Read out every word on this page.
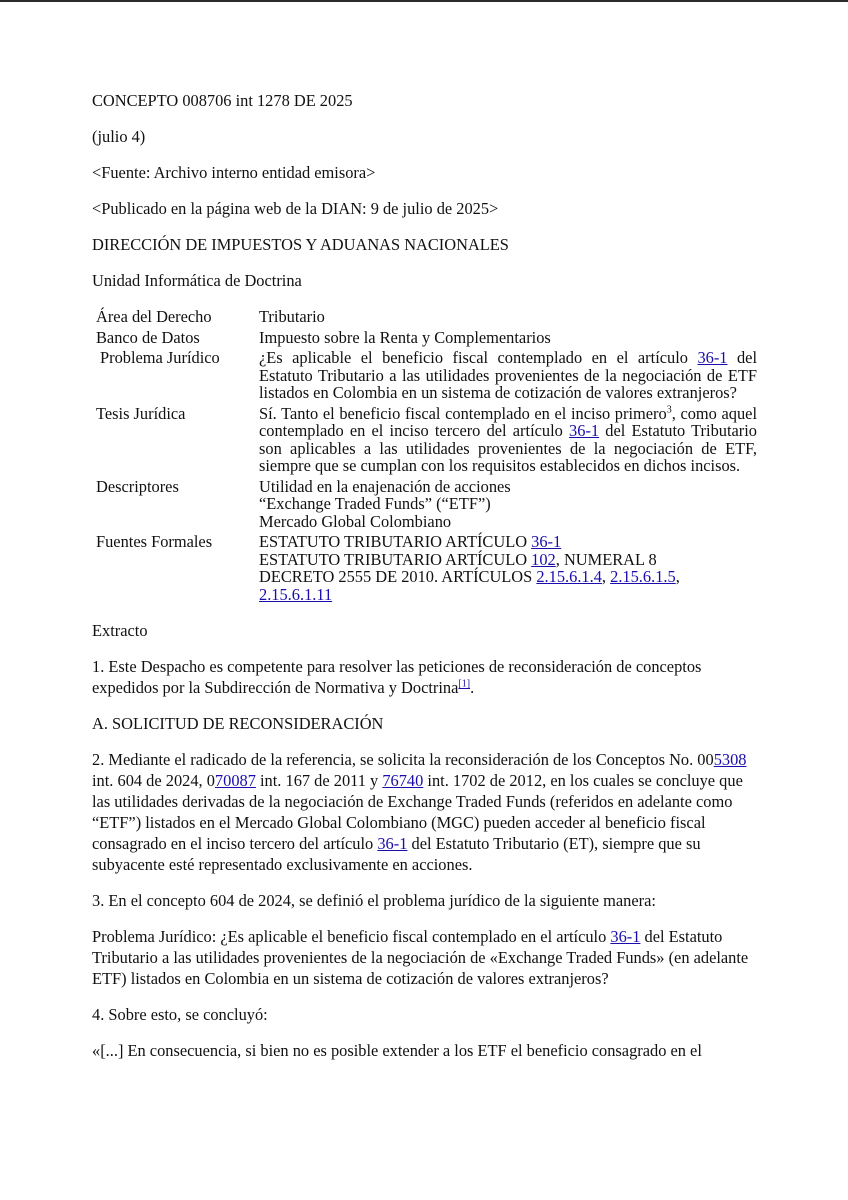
CONCEPTO 008706 int 1278 DE 2025

(julio 4)

<Fuente: Archivo interno entidad emisora>

<Publicado en la página web de la DIAN: 9 de julio de 2025>

DIRECCIÓN DE IMPUESTOS Y ADUANAS NACIONALES

Unidad Informática de Doctrina

Área del Derecho	Tributario
Banco de Datos	Impuesto sobre la Renta y Complementarios
Problema Jurídico	¿Es aplicable el beneficio fiscal contemplado en el artículo 36-1 del Estatuto Tributario a las utilidades provenientes de la negociación de ETF listados en Colombia en un sistema de cotización de valores extranjeros?
Tesis Jurídica	Sí. Tanto el beneficio fiscal contemplado en el inciso primero$^3$, como aquel contemplado en el inciso tercero del artículo 36-1 del Estatuto Tributario son aplicables a las utilidades provenientes de la negociación de ETF, siempre que se cumplan con los requisitos establecidos en dichos incisos.
Descriptores	Utilidad en la enajenación de acciones
“Exchange Traded Funds” (“ETF”)
Mercado Global Colombiano

Fuentes Formales	ESTATUTO TRIBUTARIO ARTÍCULO 36-1
ESTATUTO TRIBUTARIO ARTÍCULO 102, NUMERAL 8
DECRETO 2555 DE 2010. ARTÍCULOS 2.15.6.1.4, 2.15.6.1.5, 2.15.6.1.11

Extracto

1. Este Despacho es competente para resolver las peticiones de reconsideración de conceptos expedidos por la Subdirección de Normativa y Doctrina[1].

A. SOLICITUD DE RECONSIDERACIÓN

2. Mediante el radicado de la referencia, se solicita la reconsideración de los Conceptos No. 005308 int. 604 de 2024, 070087 int. 167 de 2011 y 76740 int. 1702 de 2012, en los cuales se concluye que las utilidades derivadas de la negociación de Exchange Traded Funds (referidos en adelante como “ETF”) listados en el Mercado Global Colombiano (MGC) pueden acceder al beneficio fiscal consagrado en el inciso tercero del artículo 36-1 del Estatuto Tributario (ET), siempre que su subyacente esté representado exclusivamente en acciones.

3. En el concepto 604 de 2024, se definió el problema jurídico de la siguiente manera:

Problema Jurídico: ¿Es aplicable el beneficio fiscal contemplado en el artículo 36-1 del Estatuto Tributario a las utilidades provenientes de la negociación de «Exchange Traded Funds» (en adelante ETF) listados en Colombia en un sistema de cotización de valores extranjeros?

4. Sobre esto, se concluyó:

«[...] En consecuencia, si bien no es posible extender a los ETF el beneficio consagrado en el
